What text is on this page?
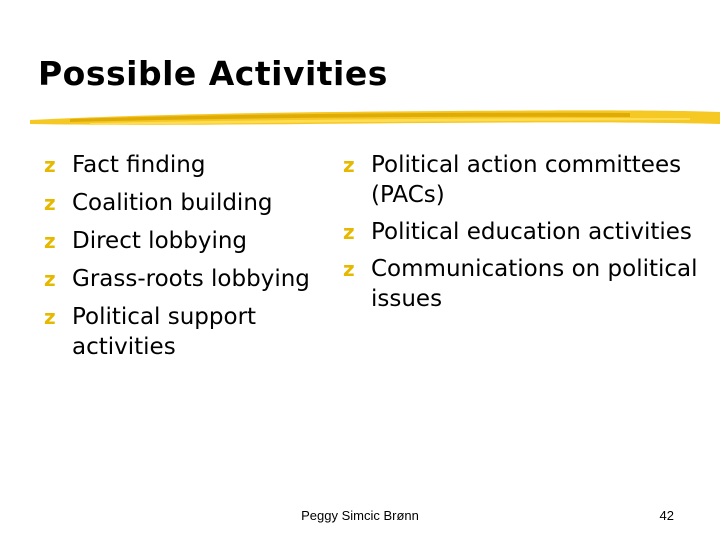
Possible Activities
z Fact finding
z Coalition building
z Direct lobbying
z Grass-roots lobbying
z Political support activities
z Political action committees (PACs)
z Political education activities
z Communications on political issues
Peggy Simcic Brønn	42
